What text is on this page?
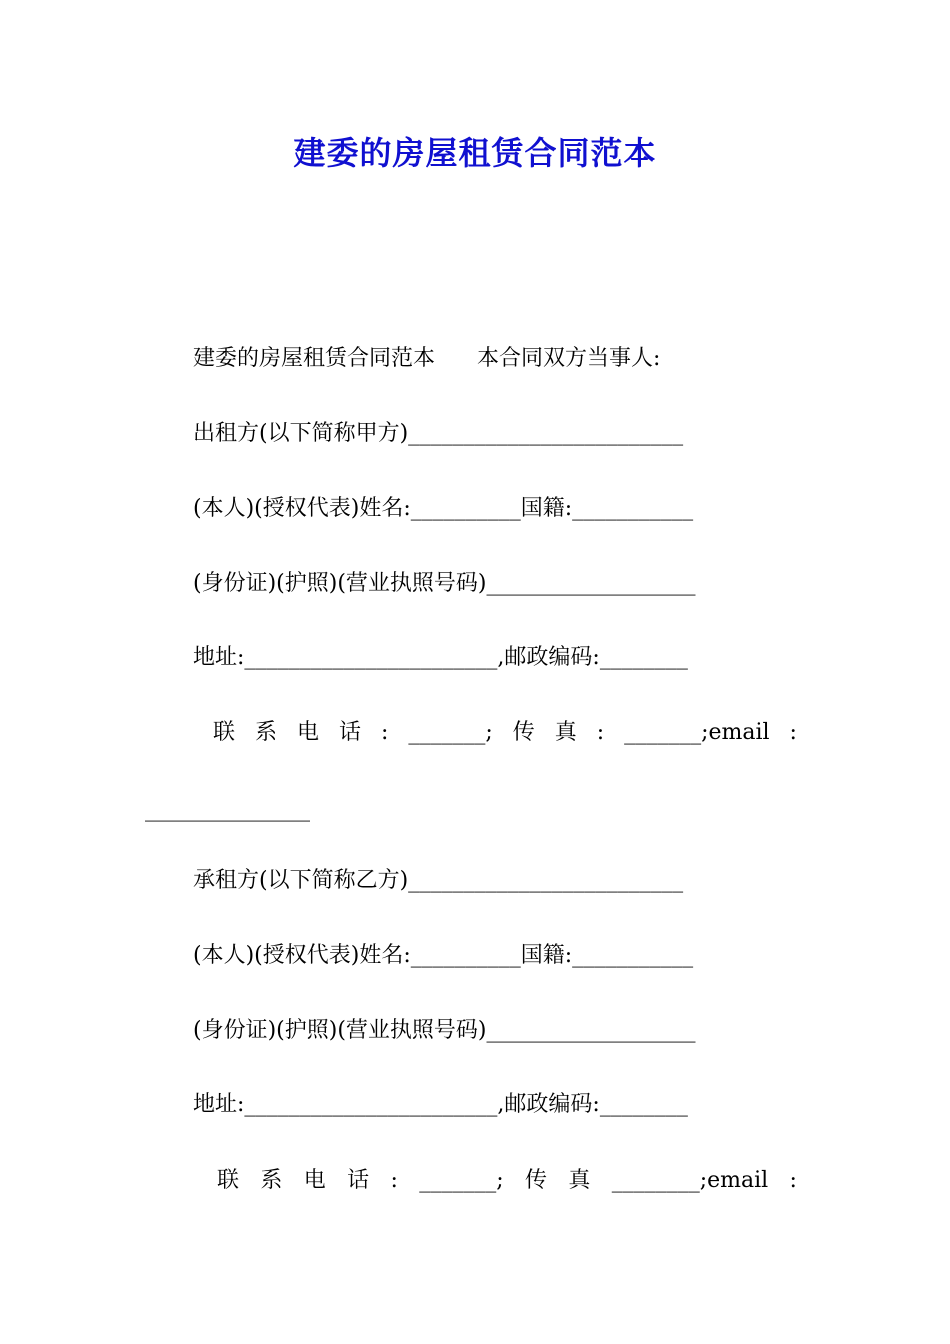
建委的房屋租赁合同范本
建委的房屋租赁合同范本      本合同双方当事人:
出租方(以下简称甲方)_________________________
(本人)(授权代表)姓名:__________国籍:___________
(身份证)(护照)(营业执照号码)___________________
地址:_______________________,邮政编码:________
联 系 电 话 : _______; 传 真 : _______;email :
_______________
承租方(以下简称乙方)_________________________
(本人)(授权代表)姓名:__________国籍:___________
(身份证)(护照)(营业执照号码)___________________
地址:_______________________,邮政编码:________
联 系 电 话 : _______; 传 真 ________;email :
